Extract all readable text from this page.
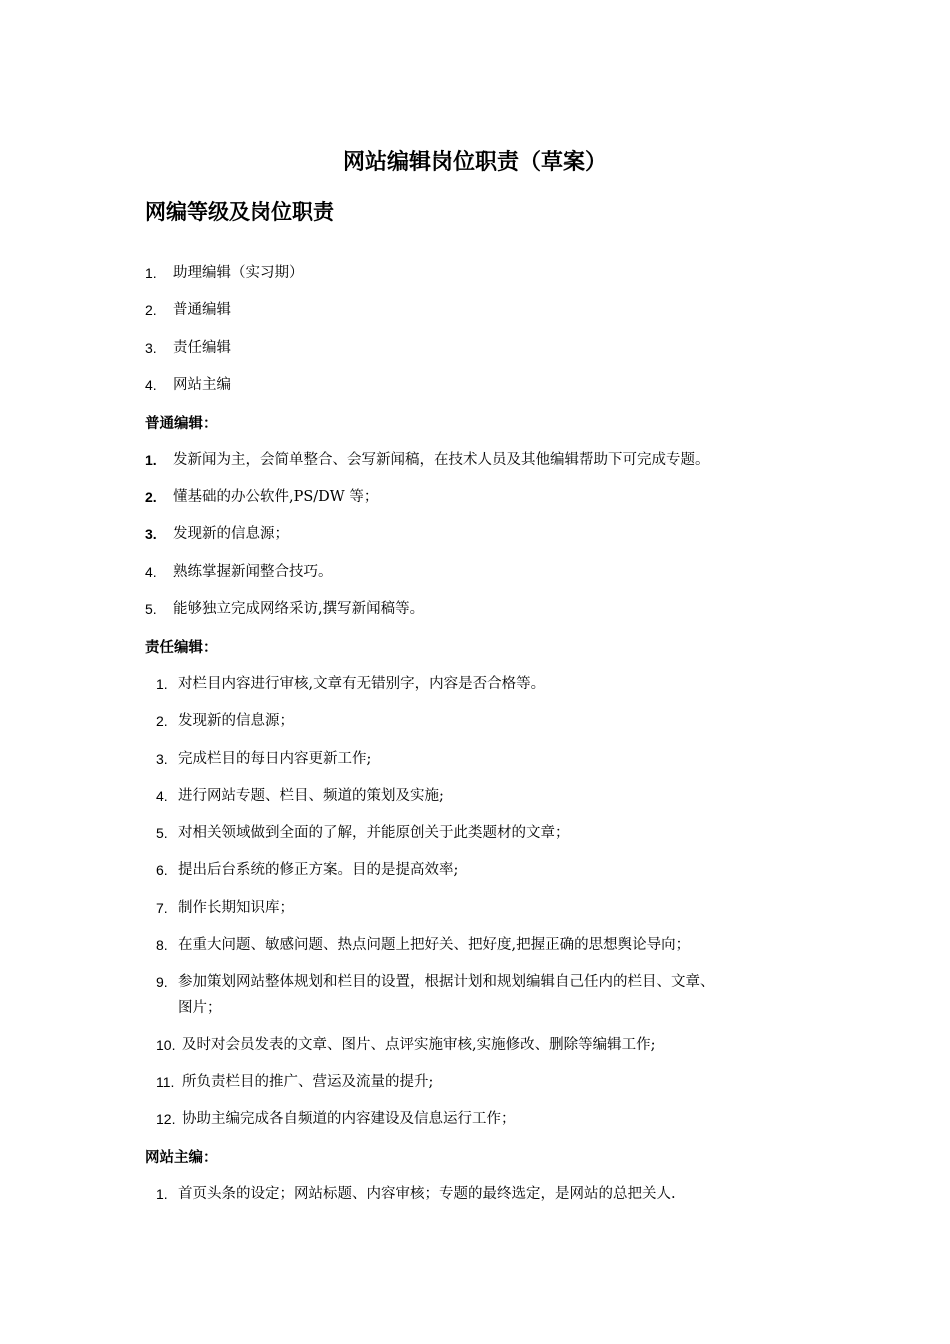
网站编辑岗位职责（草案）
网编等级及岗位职责
1. 助理编辑（实习期）
2. 普通编辑
3. 责任编辑
4. 网站主编
普通编辑：
1. 发新闻为主，会简单整合、会写新闻稿，在技术人员及其他编辑帮助下可完成专题。
2. 懂基础的办公软件,PS/DW 等；
3. 发现新的信息源；
4. 熟练掌握新闻整合技巧。
5. 能够独立完成网络采访,撰写新闻稿等。
责任编辑：
1. 对栏目内容进行审核,文章有无错别字，内容是否合格等。
2. 发现新的信息源；
3. 完成栏目的每日内容更新工作;
4. 进行网站专题、栏目、频道的策划及实施;
5. 对相关领域做到全面的了解，并能原创关于此类题材的文章；
6. 提出后台系统的修正方案。目的是提高效率;
7. 制作长期知识库；
8. 在重大问题、敏感问题、热点问题上把好关、把好度,把握正确的思想舆论导向；
9. 参加策划网站整体规划和栏目的设置，根据计划和规划编辑自己任内的栏目、文章、
图片；
10. 及时对会员发表的文章、图片、点评实施审核,实施修改、删除等编辑工作;
11. 所负责栏目的推广、营运及流量的提升;
12. 协助主编完成各自频道的内容建设及信息运行工作；
网站主编：
1. 首页头条的设定；网站标题、内容审核；专题的最终选定，是网站的总把关人.
